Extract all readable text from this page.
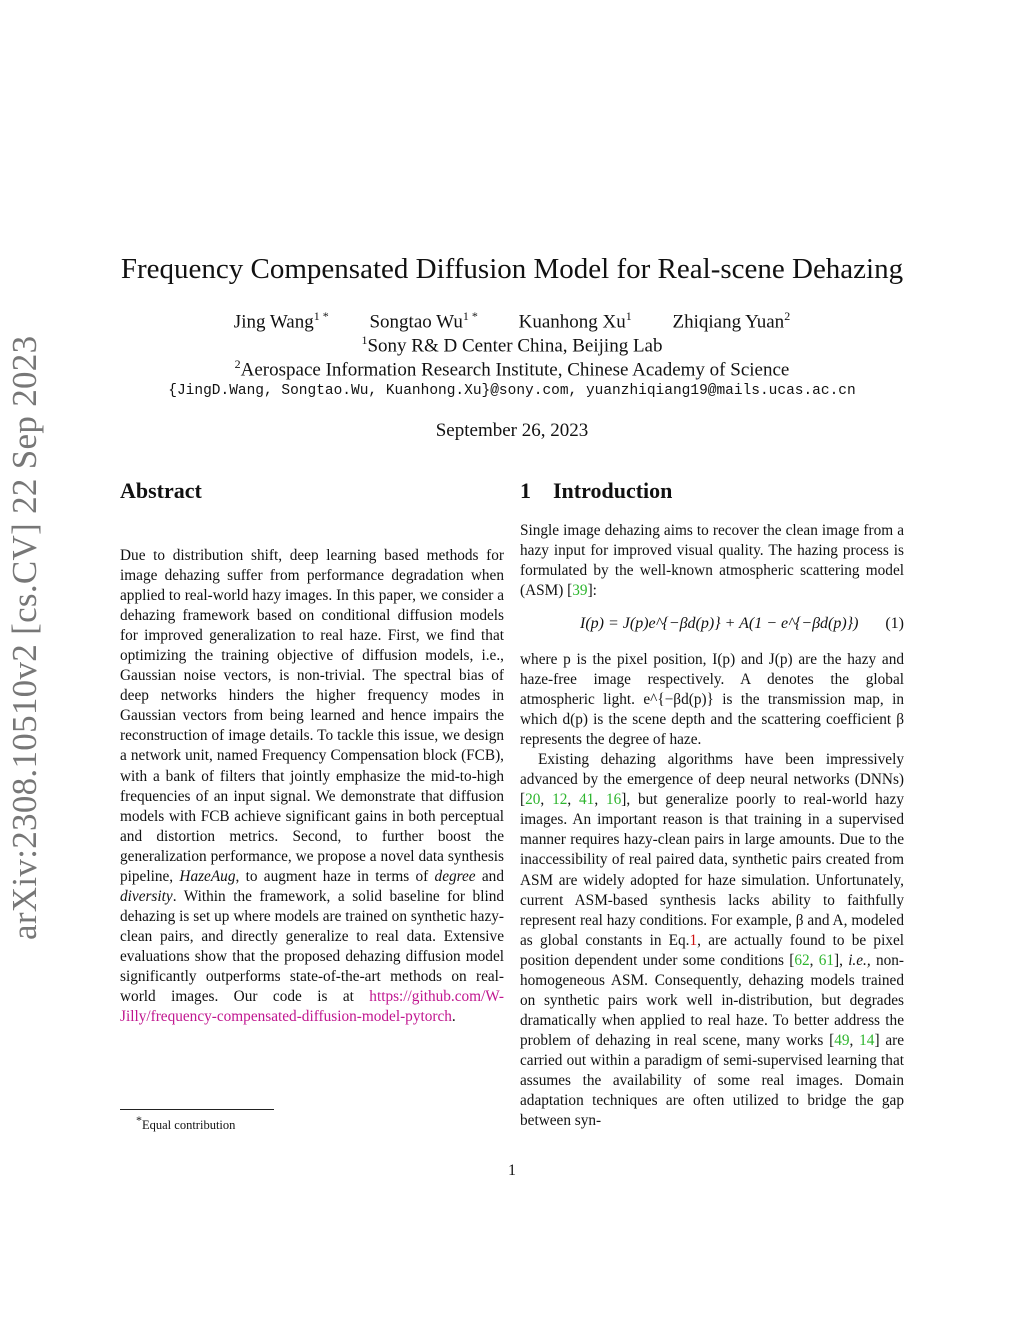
arXiv:2308.10510v2 [cs.CV] 22 Sep 2023
Frequency Compensated Diffusion Model for Real-scene Dehazing
Jing Wang$^{1 *}$ Songtao $Wu^{1 *}$ Kuanhong Xu$^1$ Zhiqiang Yuan$^2$
$^1$Sony R& D Center China, Beijing Lab
$^2$Aerospace Information Research Institute, Chinese Academy of Science
{JingD.Wang, Songtao.Wu, Kuanhong.Xu}@sony.com, yuanzhiqiang19@mails.ucas.ac.cn
September 26, 2023
Abstract	1 Introduction
Due to distribution shift, deep learning based methods for image dehazing suffer from performance degradation when applied to real-world hazy images. In this paper, we consider a dehazing framework based on conditional diffusion models for improved generalization to real haze. First, we find that optimizing the training objective of diffusion models, i.e., Gaussian noise vectors, is non-trivial. The spectral bias of deep networks hinders the higher frequency modes in Gaussian vectors from being learned and hence impairs the reconstruction of image details. To tackle this issue, we design a network unit, named Frequency Compensation block (FCB), with a bank of filters that jointly emphasize the mid-to-high frequencies of an input signal. We demonstrate that diffusion models with FCB achieve significant gains in both perceptual and distortion metrics. Second, to further boost the generalization performance, we propose a novel data synthesis pipeline, HazeAug, to augment haze in terms of degree and diversity. Within the framework, a solid baseline for blind dehazing is set up where models are trained on synthetic hazy-clean pairs, and directly generalize to real data. Extensive evaluations show that the proposed dehazing diffusion model significantly outperforms state-of-the-art methods on real-world images. Our code is at https://github.com/W-Jilly/frequency-compensated-diffusion-model-pytorch.
Single image dehazing aims to recover the clean image from a hazy input for improved visual quality. The hazing process is formulated by the well-known atmospheric scattering model (ASM) [39]:
I(p) = J(p)e^{−βd(p)} + A(1 − e^{−βd(p)}) (1)
where p is the pixel position, I(p) and J(p) are the hazy and haze-free image respectively. A denotes the global atmospheric light. e^{−βd(p)} is the transmission map, in which d(p) is the scene depth and the scattering coefficient β represents the degree of haze.
Existing dehazing algorithms have been impressively advanced by the emergence of deep neural networks (DNNs) [20, 12, 41, 16], but generalize poorly to real-world hazy images. An important reason is that training in a supervised manner requires hazy-clean pairs in large amounts. Due to the inaccessibility of real paired data, synthetic pairs created from ASM are widely adopted for haze simulation. Unfortunately, current ASM-based synthesis lacks ability to faithfully represent real hazy conditions. For example, β and A, modeled as global constants in Eq.1, are actually found to be pixel position dependent under some conditions [62, 61], i.e., non-homogeneous ASM. Consequently, dehazing models trained on synthetic pairs work well in-distribution, but degrades dramatically when applied to real haze. To better address the problem of dehazing in real scene, many works [49, 14] are carried out within a paradigm of semi-supervised learning that assumes the availability of some real images. Domain adaptation techniques are often utilized to bridge the gap between syn-
*Equal contribution
1
